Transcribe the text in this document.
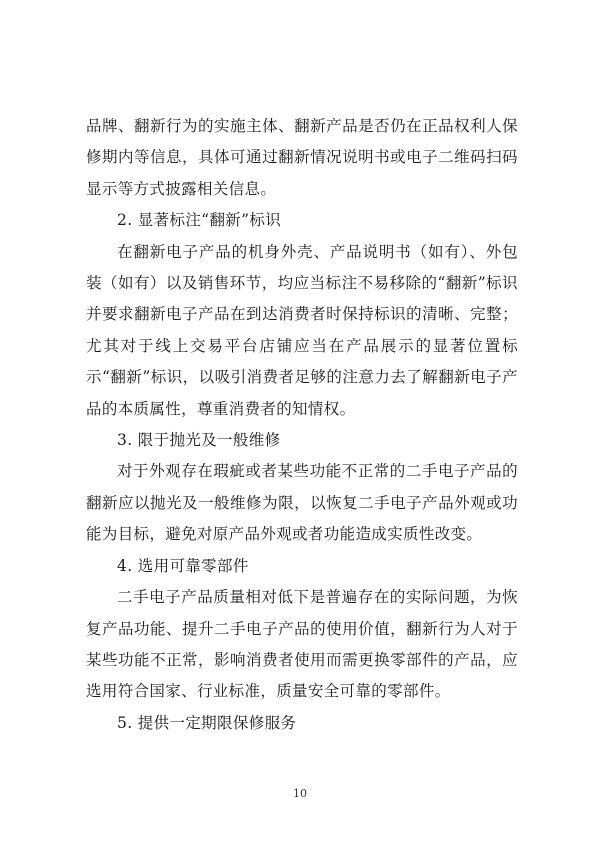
品牌、翻新行为的实施主体、翻新产品是否仍在正品权利人保修期内等信息，具体可通过翻新情况说明书或电子二维码扫码显示等方式披露相关信息。

2. 显著标注“翻新”标识

在翻新电子产品的机身外壳、产品说明书（如有）、外包装（如有）以及销售环节，均应当标注不易移除的“翻新”标识并要求翻新电子产品在到达消费者时保持标识的清晰、完整；尤其对于线上交易平台店铺应当在产品展示的显著位置标示“翻新”标识，以吸引消费者足够的注意力去了解翻新电子产品的本质属性，尊重消费者的知情权。

3. 限于抛光及一般维修

对于外观存在瑕疵或者某些功能不正常的二手电子产品的翻新应以抛光及一般维修为限，以恢复二手电子产品外观或功能为目标，避免对原产品外观或者功能造成实质性改变。

4. 选用可靠零部件

二手电子产品质量相对低下是普遍存在的实际问题，为恢复产品功能、提升二手电子产品的使用价值，翻新行为人对于某些功能不正常，影响消费者使用而需更换零部件的产品，应选用符合国家、行业标准，质量安全可靠的零部件。

5. 提供一定期限保修服务

10
